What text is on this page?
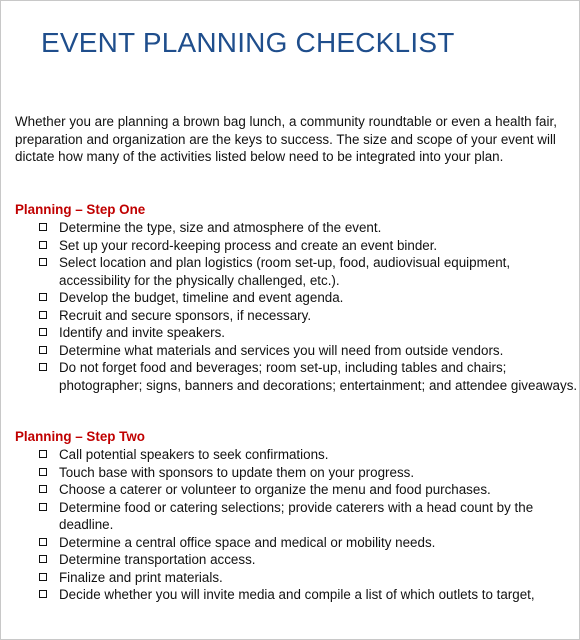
EVENT PLANNING CHECKLIST

Whether you are planning a brown bag lunch, a community roundtable or even a health fair,
preparation and organization are the keys to success. The size and scope of your event will
dictate how many of the activities listed below need to be integrated into your plan.

Planning – Step One
Determine the type, size and atmosphere of the event.
Set up your record-keeping process and create an event binder.
Select location and plan logistics (room set-up, food, audiovisual equipment,
accessibility for the physically challenged, etc.).
Develop the budget, timeline and event agenda.
Recruit and secure sponsors, if necessary.
Identify and invite speakers.
Determine what materials and services you will need from outside vendors.
Do not forget food and beverages; room set-up, including tables and chairs;
photographer; signs, banners and decorations; entertainment; and attendee giveaways.
Planning – Step Two
Call potential speakers to seek confirmations.
Touch base with sponsors to update them on your progress.
Choose a caterer or volunteer to organize the menu and food purchases.
Determine food or catering selections; provide caterers with a head count by the
deadline.
Determine a central office space and medical or mobility needs.
Determine transportation access.
Finalize and print materials.
Decide whether you will invite media and compile a list of which outlets to target,
